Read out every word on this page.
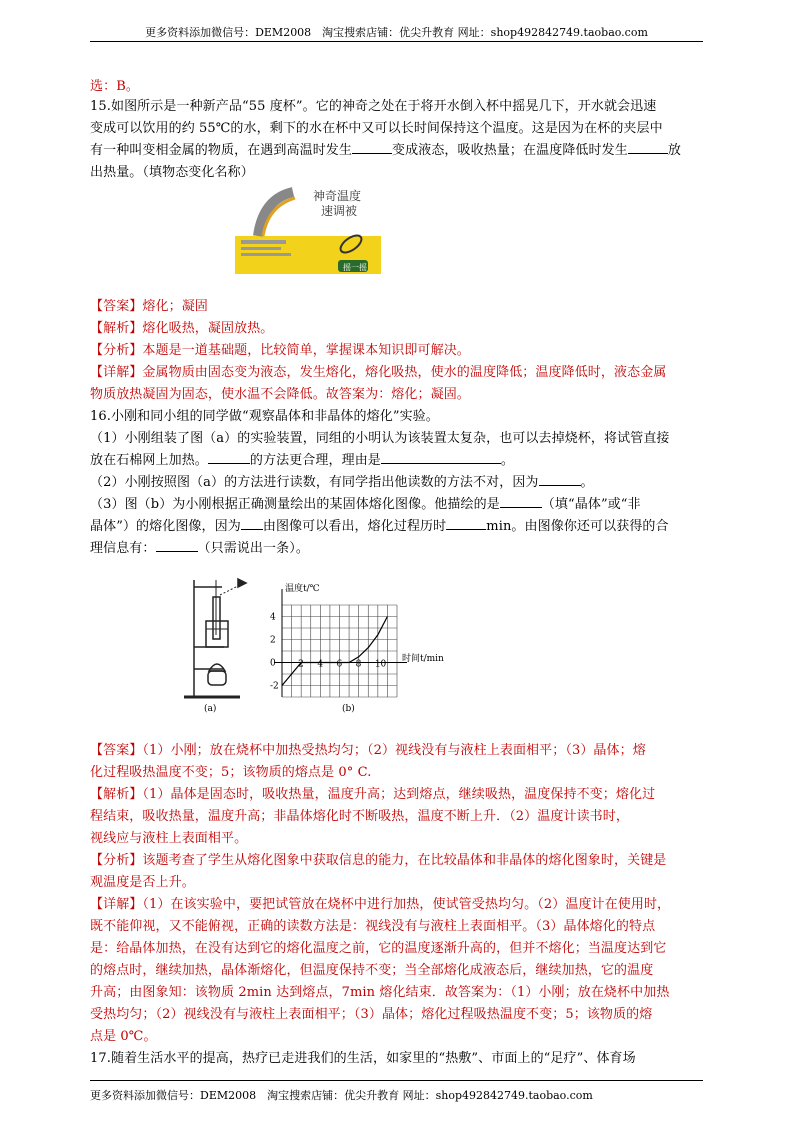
更多资料添加微信号：DEM2008　淘宝搜索店铺：优尖升教育 网址：shop492842749.taobao.com
选：B。
15.如图所示是一种新产品“55 度杯”。它的神奇之处在于将开水倒入杯中摇晃几下，开水就会迅速
变成可以饮用的约 55℃的水，剩下的水在杯中又可以长时间保持这个温度。这是因为在杯的夹层中
有一种叫变相金属的物质，在遇到高温时发生	变成液态，吸收热量；在温度降低时发生	放
出热量。（填物态变化名称）
神奇温度
速调被
摇一摇
【答案】熔化；凝固
【解析】熔化吸热，凝固放热。
【分析】本题是一道基础题，比较简单，掌握课本知识即可解决。
【详解】金属物质由固态变为液态，发生熔化，熔化吸热，使水的温度降低；温度降低时，液态金属
物质放热凝固为固态，使水温不会降低。故答案为：熔化；凝固。
16.小刚和同小组的同学做“观察晶体和非晶体的熔化”实验。
（1）小刚组装了图（a）的实验装置，同组的小明认为该装置太复杂，也可以去掉烧杯，将试管直接
放在石棉网上加热。	的方法更合理，理由是	。
（2）小刚按照图（a）的方法进行读数，有同学指出他读数的方法不对，因为	。
（3）图（b）为小刚根据正确测量绘出的某固体熔化图像。他描绘的是	（填“晶体”或“非
晶体”）的熔化图像，因为 由图像可以看出，熔化过程历时	min。由图像你还可以获得的合
理信息有：	（只需说出一条）。
(a)
温度t/℃
时间t/min
4
2
0
-2
2 4 6 8 10
(b)
【答案】（1）小刚；放在烧杯中加热受热均匀；（2）视线没有与液柱上表面相平；（3）晶体；熔
化过程吸热温度不变；5；该物质的熔点是 0° C.
【解析】（1）晶体是固态时，吸收热量，温度升高；达到熔点，继续吸热，温度保持不变；熔化过
程结束，吸收热量，温度升高；非晶体熔化时不断吸热，温度不断上升．（2）温度计读书时，
视线应与液柱上表面相平。
【分析】该题考查了学生从熔化图象中获取信息的能力，在比较晶体和非晶体的熔化图象时，关键是
观温度是否上升。
【详解】（1）在该实验中，要把试管放在烧杯中进行加热，使试管受热均匀。（2）温度计在使用时，
既不能仰视，又不能俯视，正确的读数方法是：视线没有与液柱上表面相平。（3）晶体熔化的特点
是：给晶体加热，在没有达到它的熔化温度之前，它的温度逐渐升高的，但并不熔化；当温度达到它
的熔点时，继续加热，晶体渐熔化，但温度保持不变；当全部熔化成液态后，继续加热，它的温度
升高；由图象知：该物质 2min 达到熔点，7min 熔化结束．故答案为：（1）小刚；放在烧杯中加热
受热均匀；（2）视线没有与液柱上表面相平；（3）晶体；熔化过程吸热温度不变；5；该物质的熔
点是 0℃。
17.随着生活水平的提高，热疗已走进我们的生活，如家里的“热敷”、市面上的“足疗”、体育场
更多资料添加微信号：DEM2008　淘宝搜索店铺：优尖升教育 网址：shop492842749.taobao.com
